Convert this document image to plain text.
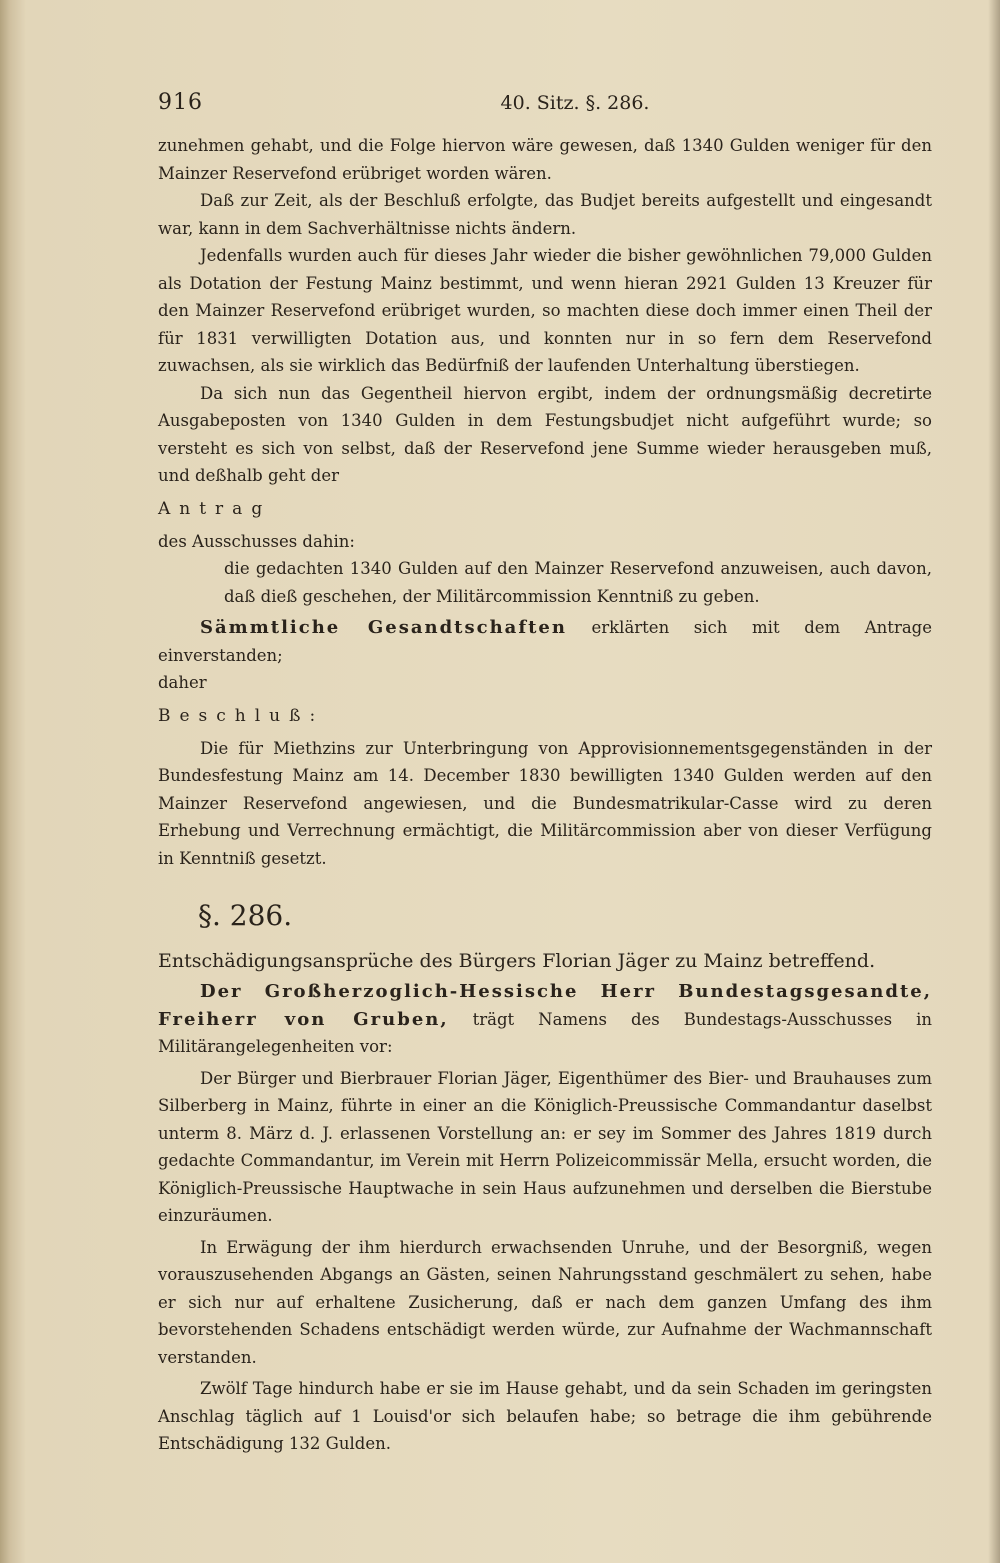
916	40. Sitz. §. 286.

zunehmen gehabt, und die Folge hiervon wäre gewesen, daß 1340 Gulden weniger für den Mainzer Reservefond erübriget worden wären.

Daß zur Zeit, als der Beschluß erfolgte, das Budjet bereits aufgestellt und eingesandt war, kann in dem Sachverhältnisse nichts ändern.

Jedenfalls wurden auch für dieses Jahr wieder die bisher gewöhnlichen 79,000 Gulden als Dotation der Festung Mainz bestimmt, und wenn hieran 2921 Gulden 13 Kreuzer für den Mainzer Reservefond erübriget wurden, so machten diese doch immer einen Theil der für 1831 verwilligten Dotation aus, und konnten nur in so fern dem Reservefond zuwachsen, als sie wirklich das Bedürfniß der laufenden Unterhaltung überstiegen.

Da sich nun das Gegentheil hiervon ergibt, indem der ordnungsmäßig decretirte Ausgabeposten von 1340 Gulden in dem Festungsbudjet nicht aufgeführt wurde; so versteht es sich von selbst, daß der Reservefond jene Summe wieder herausgeben muß, und deßhalb geht der

Antrag

des Ausschusses dahin:

die gedachten 1340 Gulden auf den Mainzer Reservefond anzuweisen, auch davon, daß dieß geschehen, der Militärcommission Kenntniß zu geben.

Sämmtliche Gesandtschaften erklärten sich mit dem Antrage einverstanden;

daher

Beschluß:

Die für Miethzins zur Unterbringung von Approvisionnementsgegenständen in der Bundesfestung Mainz am 14. December 1830 bewilligten 1340 Gulden werden auf den Mainzer Reservefond angewiesen, und die Bundesmatrikular-Casse wird zu deren Erhebung und Verrechnung ermächtigt, die Militärcommission aber von dieser Verfügung in Kenntniß gesetzt.

§. 286.

Entschädigungsansprüche des Bürgers Florian Jäger zu Mainz betreffend.

Der Großherzoglich-Hessische Herr Bundestagsgesandte, Freiherr von Gruben, trägt Namens des Bundestags-Ausschusses in Militärangelegenheiten vor:

Der Bürger und Bierbrauer Florian Jäger, Eigenthümer des Bier- und Brauhauses zum Silberberg in Mainz, führte in einer an die Königlich-Preussische Commandantur daselbst unterm 8. März d. J. erlassenen Vorstellung an: er sey im Sommer des Jahres 1819 durch gedachte Commandantur, im Verein mit Herrn Polizeicommissär Mella, ersucht worden, die Königlich-Preussische Hauptwache in sein Haus aufzunehmen und derselben die Bierstube einzuräumen.

In Erwägung der ihm hierdurch erwachsenden Unruhe, und der Besorgniß, wegen vorauszusehenden Abgangs an Gästen, seinen Nahrungsstand geschmälert zu sehen, habe er sich nur auf erhaltene Zusicherung, daß er nach dem ganzen Umfang des ihm bevorstehenden Schadens entschädigt werden würde, zur Aufnahme der Wachmannschaft verstanden.

Zwölf Tage hindurch habe er sie im Hause gehabt, und da sein Schaden im geringsten Anschlag täglich auf 1 Louisd'or sich belaufen habe; so betrage die ihm gebührende Entschädigung 132 Gulden.
